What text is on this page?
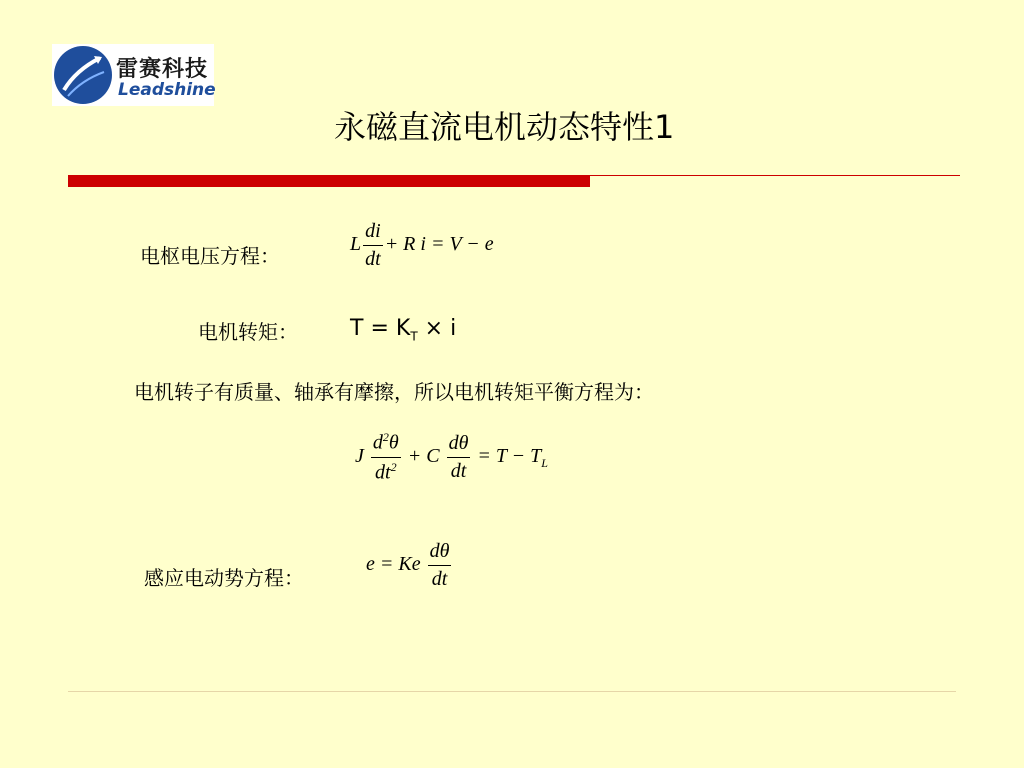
雷赛科技
Leadshine
永磁直流电机动态特性1
电枢电压方程：	L $\frac{di}{dt} + R$ i = V − e
电机转矩： $T = K_T \times i$
电机转子有质量、轴承有摩擦，所以电机转矩平衡方程为：
J $\frac{d^2\theta}{dt^2} + C \frac{d\theta}{dt} = T - T_L$
感应电动势方程：
e = Ke $\frac{d\theta}{dt}$
